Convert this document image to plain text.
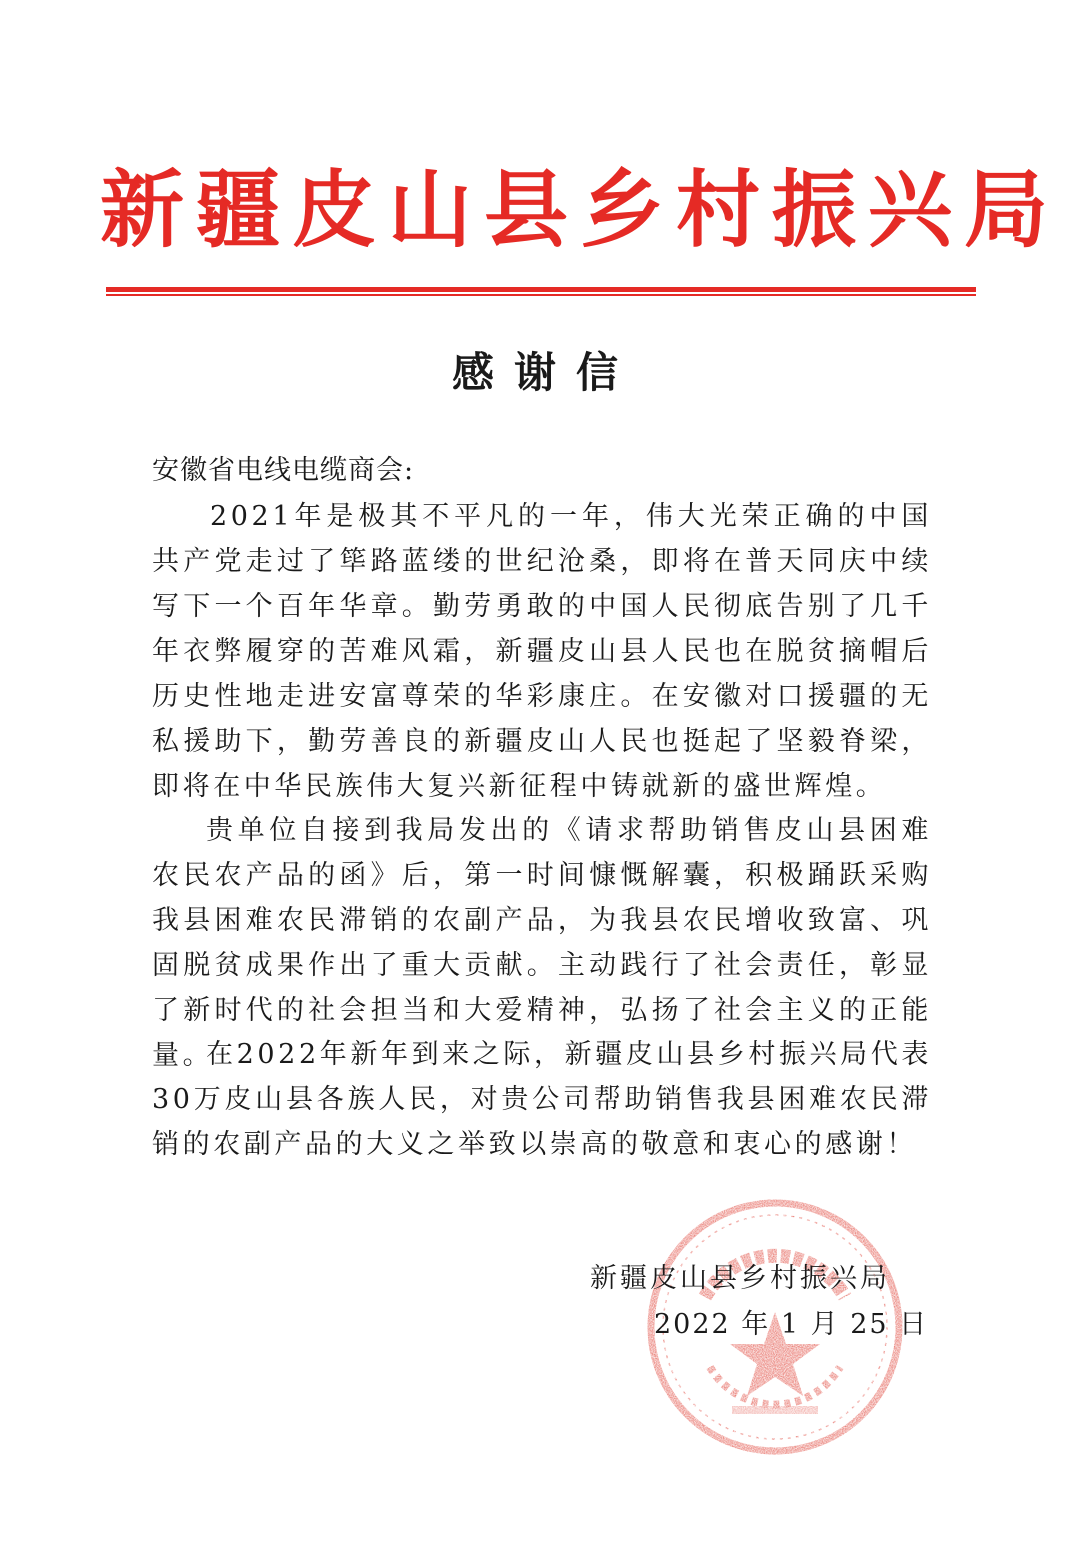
新疆皮山县乡村振兴局
感谢信
安徽省电线电缆商会:
2021年是极其不平凡的一年，伟大光荣正确的中国共产党走过了筚路蓝缕的世纪沧桑，即将在普天同庆中续写下一个百年华章。勤劳勇敢的中国人民彻底告别了几千年衣弊履穿的苦难风霜，新疆皮山县人民也在脱贫摘帽后历史性地走进安富尊荣的华彩康庄。在安徽对口援疆的无私援助下，勤劳善良的新疆皮山人民也挺起了坚毅脊梁，即将在中华民族伟大复兴新征程中铸就新的盛世辉煌。
贵单位自接到我局发出的《请求帮助销售皮山县困难农民农产品的函》后，第一时间慷慨解囊，积极踊跃采购我县困难农民滞销的农副产品，为我县农民增收致富、巩固脱贫成果作出了重大贡献。主动践行了社会责任，彰显了新时代的社会担当和大爱精神，弘扬了社会主义的正能量。
在2022年新年到来之际，新疆皮山县乡村振兴局代表30万皮山县各族人民，对贵公司帮助销售我县困难农民滞销的农副产品的大义之举致以崇高的敬意和衷心的感谢！
新疆皮山县乡村振兴局
2022 年 1 月 25 日
